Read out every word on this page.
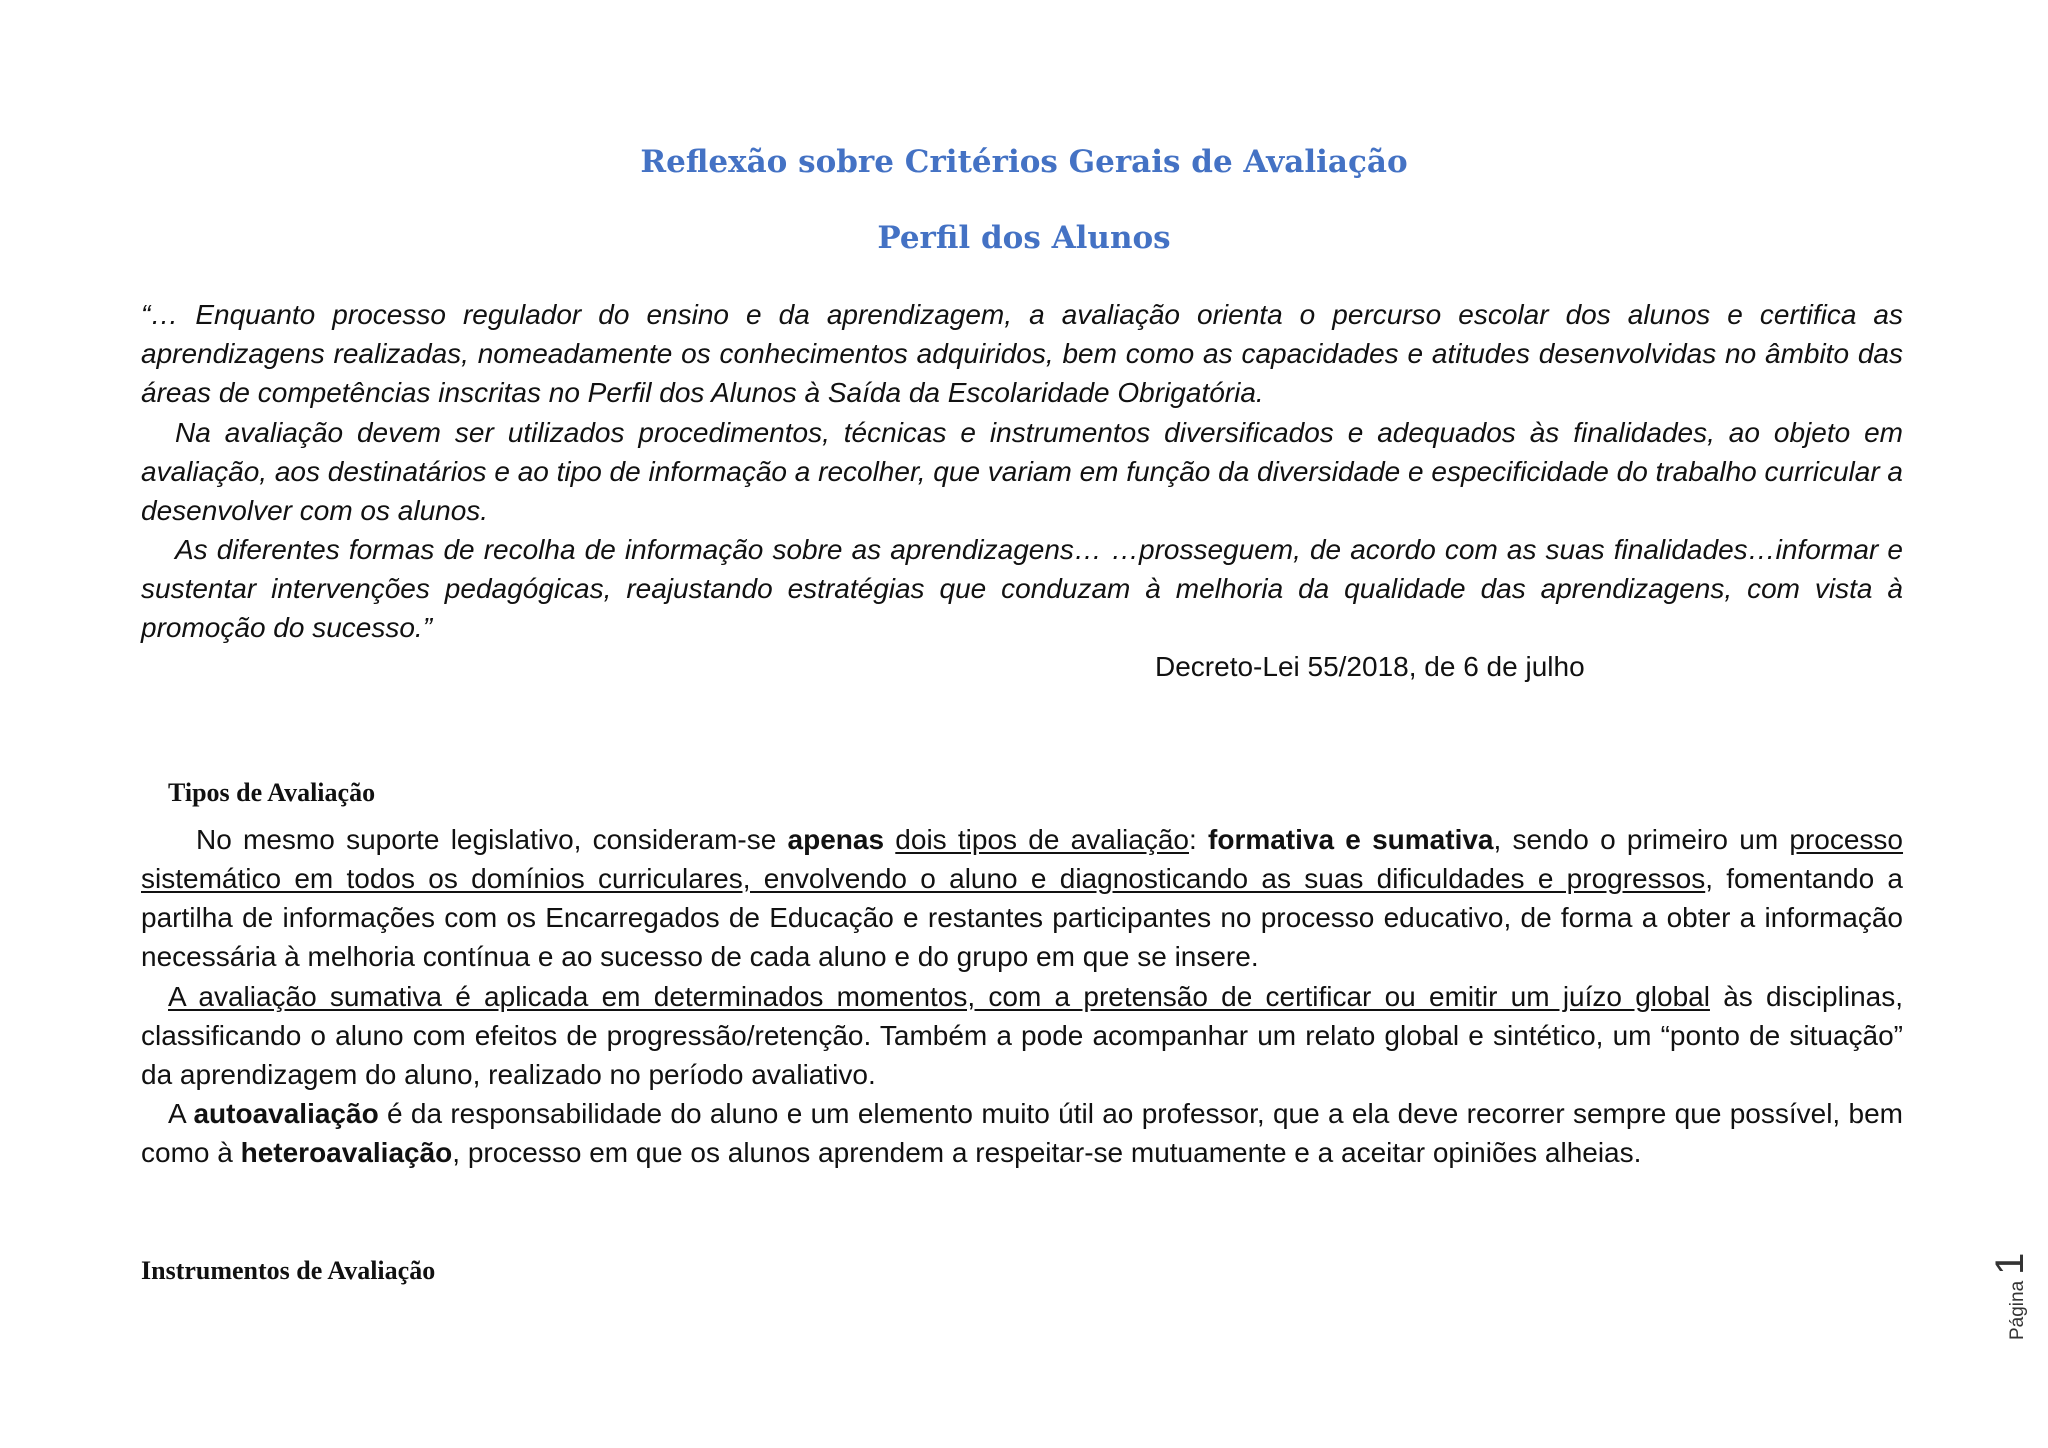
Reflexão sobre Critérios Gerais de Avaliação
Perfil dos Alunos

“… Enquanto processo regulador do ensino e da aprendizagem, a avaliação orienta o percurso escolar dos alunos e certifica as aprendizagens realizadas, nomeadamente os conhecimentos adquiridos, bem como as capacidades e atitudes desenvolvidas no âmbito das áreas de competências inscritas no Perfil dos Alunos à Saída da Escolaridade Obrigatória.

Na avaliação devem ser utilizados procedimentos, técnicas e instrumentos diversificados e adequados às finalidades, ao objeto em avaliação, aos destinatários e ao tipo de informação a recolher, que variam em função da diversidade e especificidade do trabalho curricular a desenvolver com os alunos.

As diferentes formas de recolha de informação sobre as aprendizagens… …prosseguem, de acordo com as suas finalidades…informar e sustentar intervenções pedagógicas, reajustando estratégias que conduzam à melhoria da qualidade das aprendizagens, com vista à promoção do sucesso.”

Decreto-Lei 55/2018, de 6 de julho

Tipos de Avaliação

No mesmo suporte legislativo, consideram-se apenas dois tipos de avaliação: formativa e sumativa, sendo o primeiro um processo sistemático em todos os domínios curriculares, envolvendo o aluno e diagnosticando as suas dificuldades e progressos, fomentando a partilha de informações com os Encarregados de Educação e restantes participantes no processo educativo, de forma a obter a informação necessária à melhoria contínua e ao sucesso de cada aluno e do grupo em que se insere.

A avaliação sumativa é aplicada em determinados momentos, com a pretensão de certificar ou emitir um juízo global às disciplinas, classificando o aluno com efeitos de progressão/retenção. Também a pode acompanhar um relato global e sintético, um “ponto de situação” da aprendizagem do aluno, realizado no período avaliativo.

A autoavaliação é da responsabilidade do aluno e um elemento muito útil ao professor, que a ela deve recorrer sempre que possível, bem como à heteroavaliação, processo em que os alunos aprendem a respeitar-se mutuamente e a aceitar opiniões alheias.

Instrumentos de Avaliação
Página
1
